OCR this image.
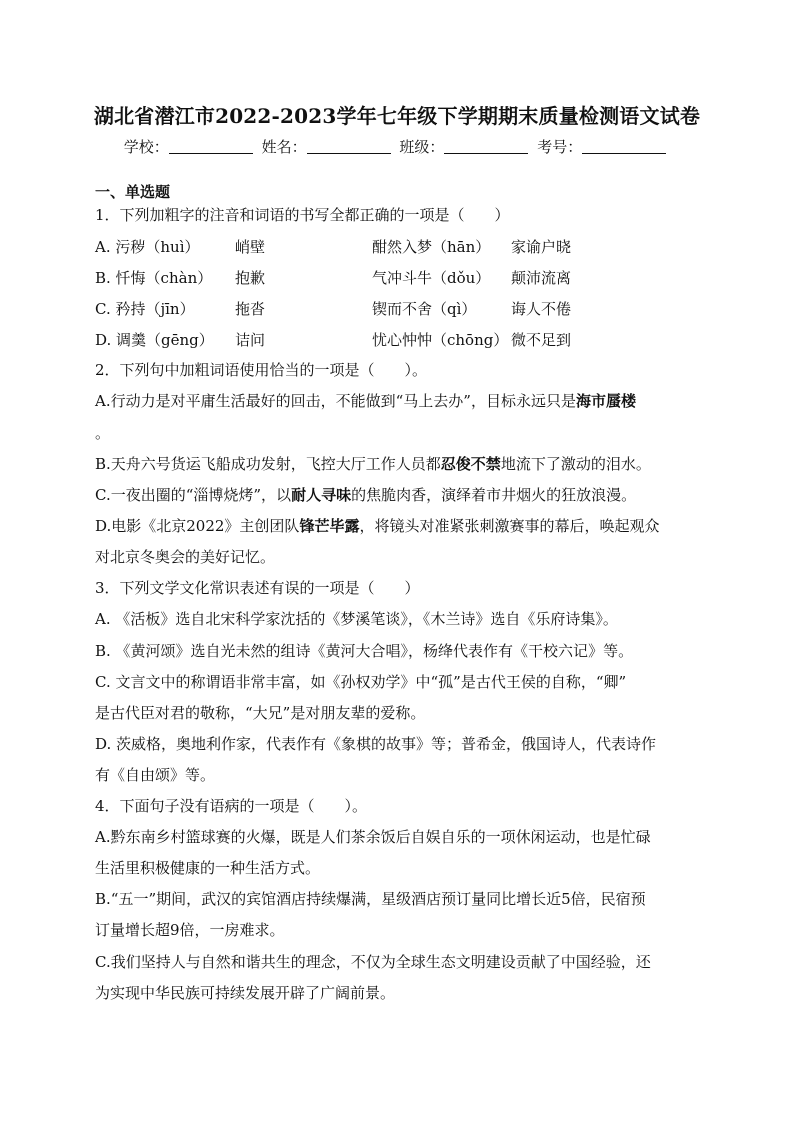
湖北省潜江市2022-2023学年七年级下学期期末质量检测语文试卷
学校：	姓名：	班级：	考号：
一、单选题
1．下列加粗字的注音和词语的书写全都正确的一项是（　　）
A. 污秽（huì） 峭壁	酣然入梦（hān） 家谕户晓
B. 忏悔（chàn） 抱歉	气冲斗牛（dǒu） 颠沛流离
C. 矜持（jīn）	拖沓	锲而不舍（qì） 诲人不倦
D. 调羹（gēng） 诘问	忧心忡忡（chōng） 微不足到
2．下列句中加粗词语使用恰当的一项是（　　）。
A.行动力是对平庸生活最好的回击，不能做到“马上去办”，目标永远只是海市蜃楼
。
B.天舟六号货运飞船成功发射，飞控大厅工作人员都忍俊不禁地流下了激动的泪水。
C.一夜出圈的“淄博烧烤”，以耐人寻味的焦脆肉香，演绎着市井烟火的狂放浪漫。
D.电影《北京2022》主创团队锋芒毕露，将镜头对准紧张刺激赛事的幕后，唤起观众
对北京冬奥会的美好记忆。
3．下列文学文化常识表述有误的一项是（　　）
A. 《活板》选自北宋科学家沈括的《梦溪笔谈》，《木兰诗》选自《乐府诗集》。
B. 《黄河颂》选自光未然的组诗《黄河大合唱》，杨绛代表作有《干校六记》等。
C. 文言文中的称谓语非常丰富，如《孙权劝学》中“孤”是古代王侯的自称，“卿”
是古代臣对君的敬称，“大兄”是对朋友辈的爱称。
D. 茨威格，奥地利作家，代表作有《象棋的故事》等；普希金，俄国诗人，代表诗作
有《自由颂》等。
4．下面句子没有语病的一项是（　　）。
A.黔东南乡村篮球赛的火爆，既是人们茶余饭后自娱自乐的一项休闲运动，也是忙碌
生活里积极健康的一种生活方式。
B.“五一”期间，武汉的宾馆酒店持续爆满，星级酒店预订量同比增长近5倍，民宿预
订量增长超9倍，一房难求。
C.我们坚持人与自然和谐共生的理念，不仅为全球生态文明建设贡献了中国经验，还
为实现中华民族可持续发展开辟了广阔前景。
